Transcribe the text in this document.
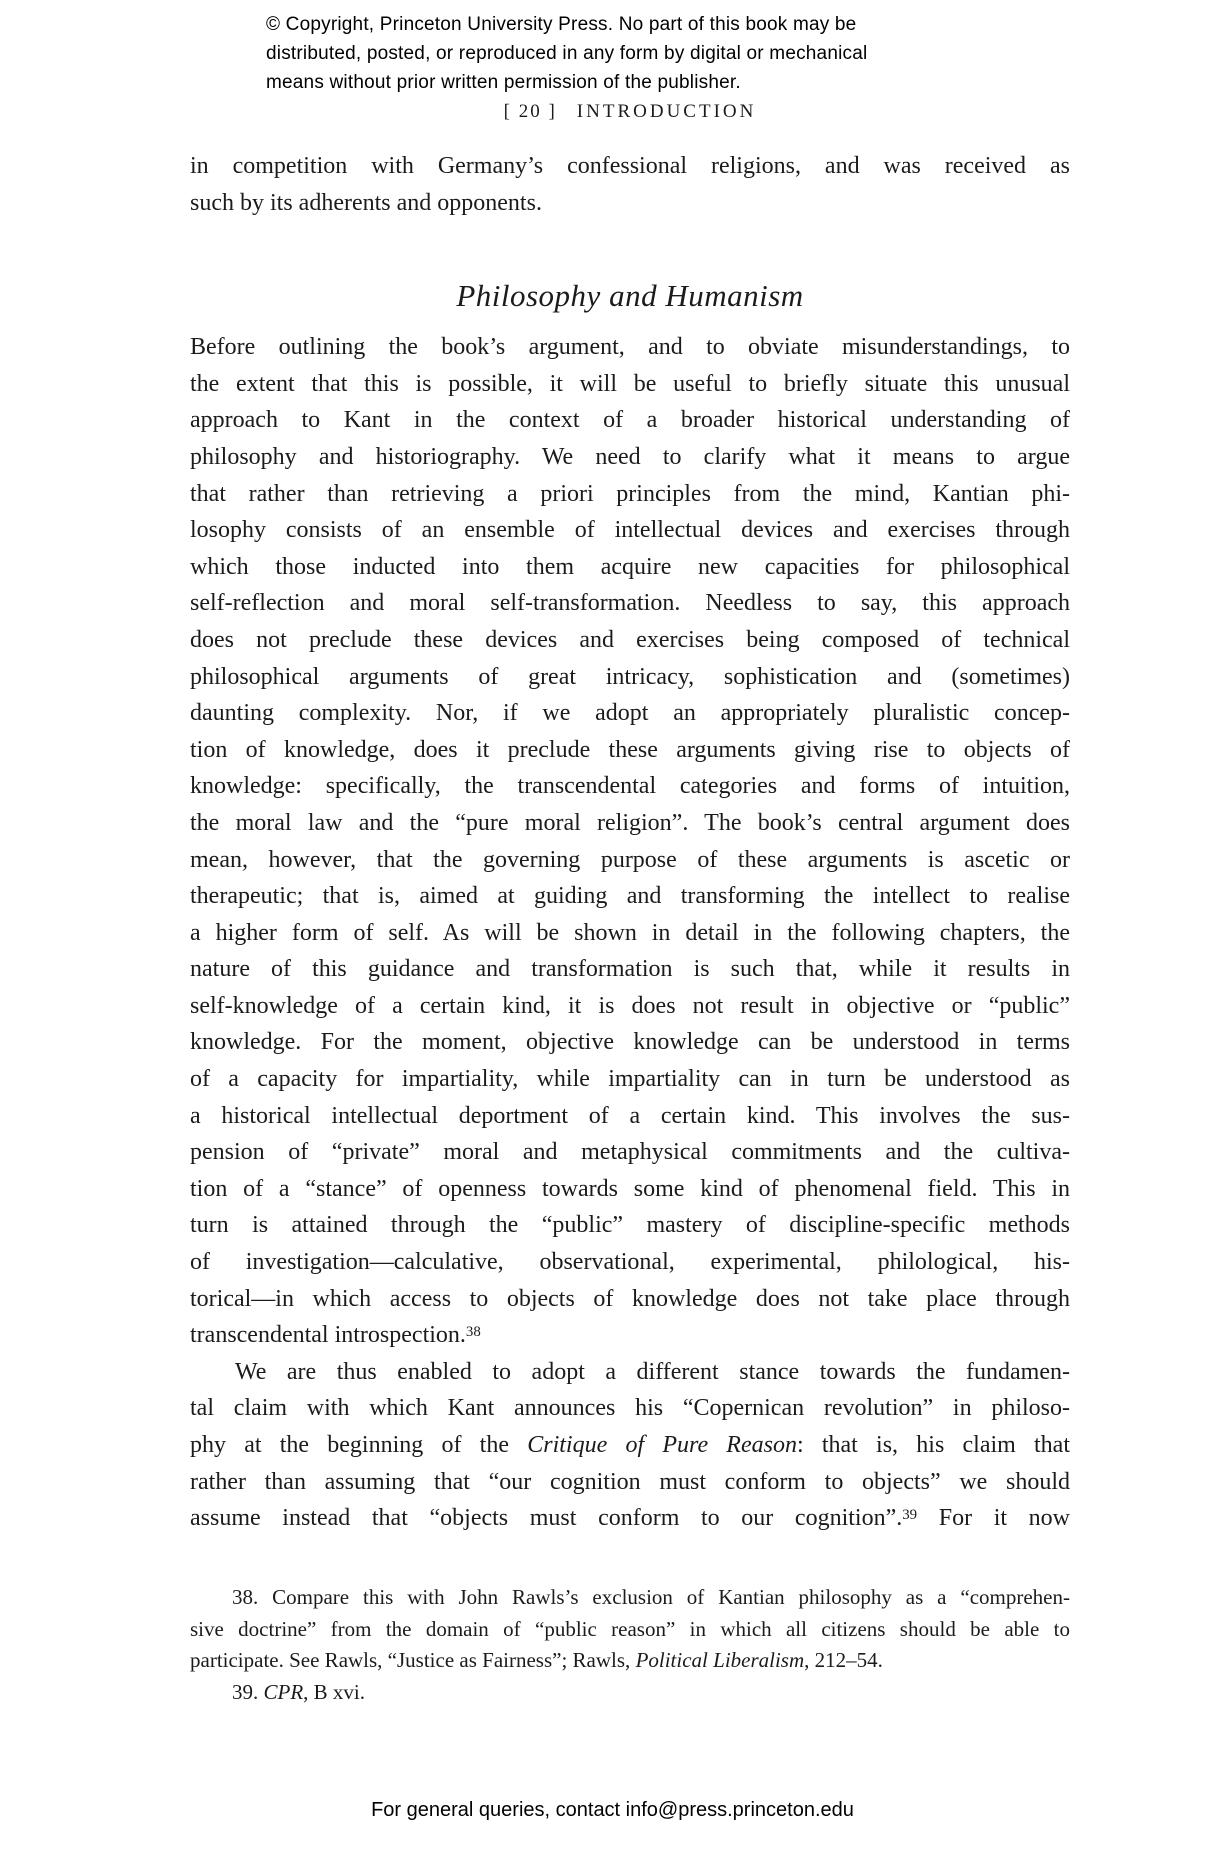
© Copyright, Princeton University Press. No part of this book may be
distributed, posted, or reproduced in any form by digital or mechanical
means without prior written permission of the publisher.
[ 20 ] INTRODUCTION
in competition with Germany’s confessional religions, and was received as
such by its adherents and opponents.
Philosophy and Humanism
Before outlining the book’s argument, and to obviate misunderstandings, to
the extent that this is possible, it will be useful to briefly situate this unusual
approach to Kant in the context of a broader historical understanding of
philosophy and historiography. We need to clarify what it means to argue
that rather than retrieving a priori principles from the mind, Kantian phi-
losophy consists of an ensemble of intellectual devices and exercises through
which those inducted into them acquire new capacities for philosophical
self-reflection and moral self-transformation. Needless to say, this approach
does not preclude these devices and exercises being composed of technical
philosophical arguments of great intricacy, sophistication and (sometimes)
daunting complexity. Nor, if we adopt an appropriately pluralistic concep-
tion of knowledge, does it preclude these arguments giving rise to objects of
knowledge: specifically, the transcendental categories and forms of intuition,
the moral law and the “pure moral religion”. The book’s central argument does
mean, however, that the governing purpose of these arguments is ascetic or
therapeutic; that is, aimed at guiding and transforming the intellect to realise
a higher form of self. As will be shown in detail in the following chapters, the
nature of this guidance and transformation is such that, while it results in
self-knowledge of a certain kind, it is does not result in objective or “public”
knowledge. For the moment, objective knowledge can be understood in terms
of a capacity for impartiality, while impartiality can in turn be understood as
a historical intellectual deportment of a certain kind. This involves the sus-
pension of “private” moral and metaphysical commitments and the cultiva-
tion of a “stance” of openness towards some kind of phenomenal field. This in
turn is attained through the “public” mastery of discipline-specific methods
of investigation—calculative, observational, experimental, philological, his-
torical—in which access to objects of knowledge does not take place through
transcendental introspection.$^{38}$
We are thus enabled to adopt a different stance towards the fundamen-
tal claim with which Kant announces his “Copernican revolution” in philoso-
phy at the beginning of the Critique of Pure Reason: that is, his claim that
rather than assuming that “our cognition must conform to objects” we should
assume instead that “objects must conform to our cognition”.$^{39}$ For it now
38. Compare this with John Rawls’s exclusion of Kantian philosophy as a “comprehen-
sive doctrine” from the domain of “public reason” in which all citizens should be able to
participate. See Rawls, “Justice as Fairness”; Rawls, Political Liberalism, 212–54.
39. CPR, B xvi.
For general queries, contact info@press.princeton.edu
